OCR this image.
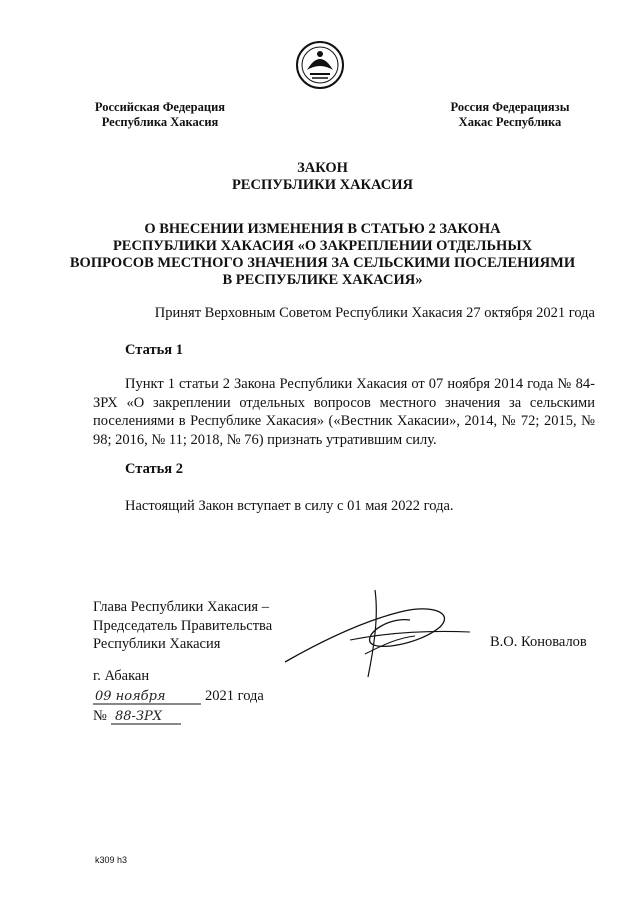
Российская Федерация
Республика Хакасия
Россия Федерациязы
Хакас Республика
ЗАКОН
РЕСПУБЛИКИ ХАКАСИЯ
О ВНЕСЕНИИ ИЗМЕНЕНИЯ В СТАТЬЮ 2 ЗАКОНА
РЕСПУБЛИКИ ХАКАСИЯ «О ЗАКРЕПЛЕНИИ ОТДЕЛЬНЫХ
ВОПРОСОВ МЕСТНОГО ЗНАЧЕНИЯ ЗА СЕЛЬСКИМИ ПОСЕЛЕНИЯМИ
В РЕСПУБЛИКЕ ХАКАСИЯ»
Принят Верховным Советом Республики Хакасия 27 октября 2021 года
Статья 1
Пункт 1 статьи 2 Закона Республики Хакасия от 07 ноября 2014 года № 84-ЗРХ «О закреплении отдельных вопросов местного значения за сельскими поселениями в Республике Хакасия» («Вестник Хакасии», 2014, № 72; 2015, № 98; 2016, № 11; 2018, № 76) признать утратившим силу.
Статья 2
Настоящий Закон вступает в силу с 01 мая 2022 года.
Глава Республики Хакасия –
Председатель Правительства
Республики Хакасия	В.О. Коновалов
г. Абакан
09 ноября	2021 года
№ 88-ЗРХ
k309 h3
